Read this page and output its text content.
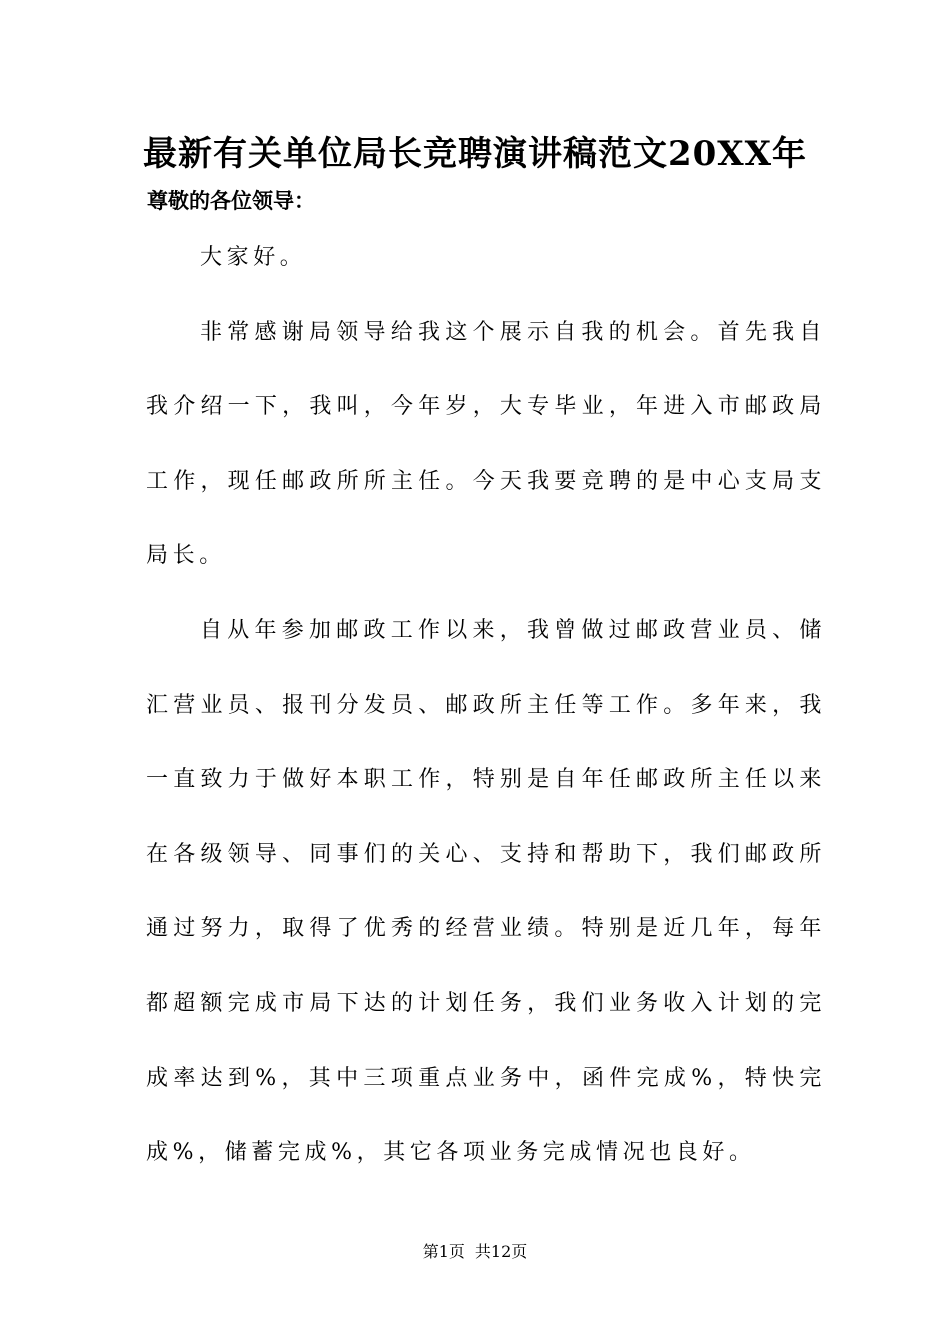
最新有关单位局长竞聘演讲稿范文20XX年
尊敬的各位领导：

大家好。

非常感谢局领导给我这个展示自我的机会。首先我自我介绍一下，我叫，今年岁，大专毕业，年进入市邮政局工作，现任邮政所所主任。今天我要竞聘的是中心支局支局长。

自从年参加邮政工作以来，我曾做过邮政营业员、储汇营业员、报刊分发员、邮政所主任等工作。多年来，我一直致力于做好本职工作，特别是自年任邮政所主任以来在各级领导、同事们的关心、支持和帮助下，我们邮政所通过努力，取得了优秀的经营业绩。特别是近几年，每年都超额完成市局下达的计划任务，我们业务收入计划的完成率达到%，其中三项重点业务中，函件完成%，特快完成%，储蓄完成%，其它各项业务完成情况也良好。

第1页 共12页
